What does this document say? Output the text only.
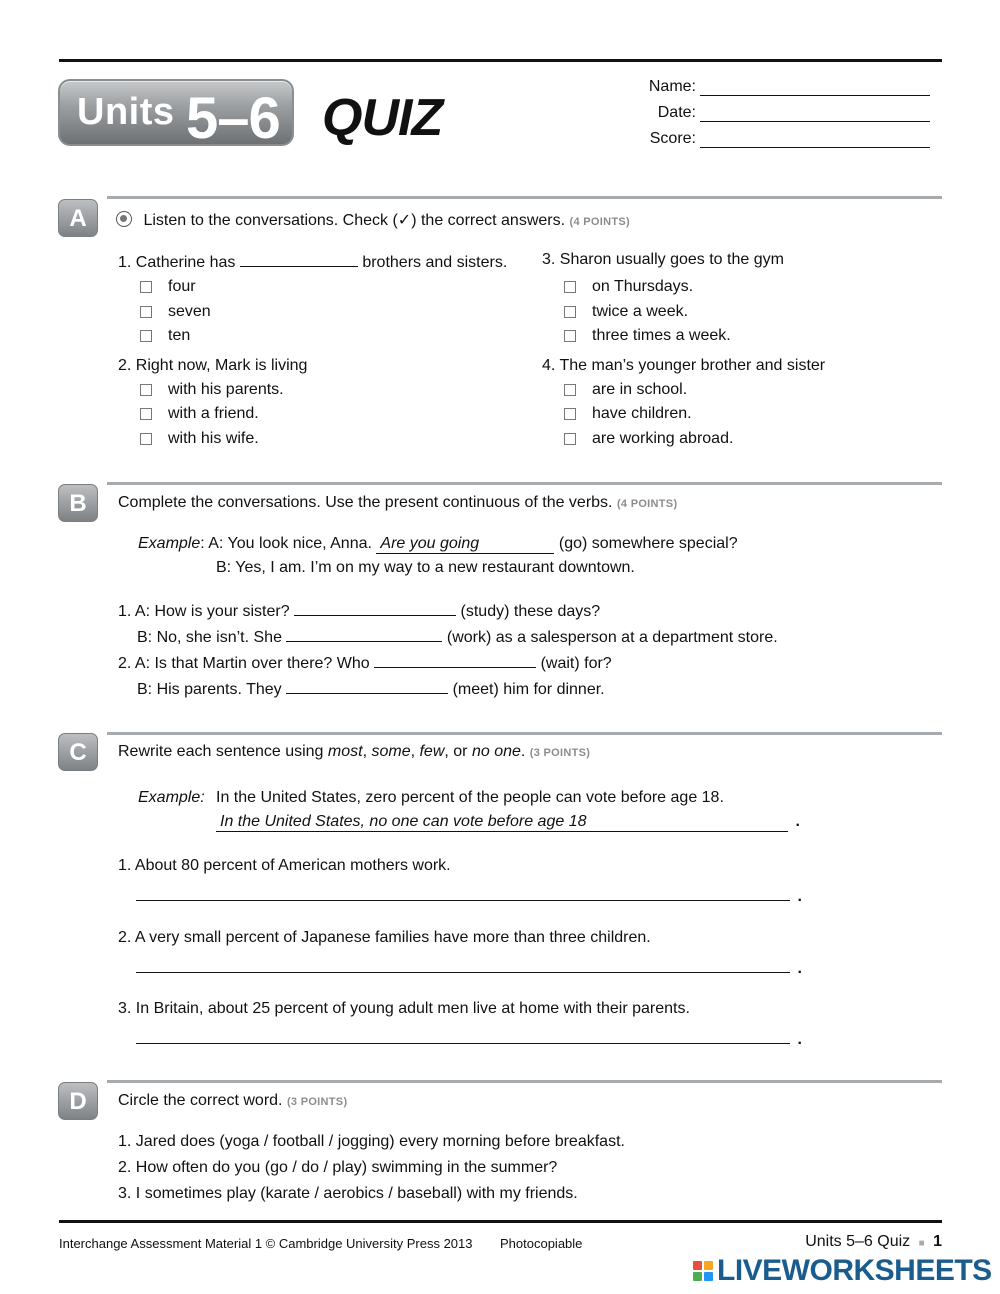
Units 5–6 QUIZ
Name:
Date:
Score:
A	Listen to the conversations. Check (✓) the correct answers. (4 POINTS)
1. Catherine has	brothers and sisters.
four
seven
ten
2. Right now, Mark is living
with his parents.
with a friend.
with his wife.
3. Sharon usually goes to the gym
on Thursdays.
twice a week.
three times a week.
4. The man’s younger brother and sister
are in school.
have children.
are working abroad.
B	Complete the conversations. Use the present continuous of the verbs. (4 POINTS)
Example: A: You look nice, Anna. Are you going	(go) somewhere special?
B: Yes, I am. I’m on my way to a new restaurant downtown.
1. A: How is your sister?	(study) these days?
B: No, she isn’t. She	(work) as a salesperson at a department store.
2. A: Is that Martin over there? Who	(wait) for?
B: His parents. They	(meet) him for dinner.
C	Rewrite each sentence using most, some, few, or no one. (3 POINTS)
Example: In the United States, zero percent of the people can vote before age 18.
In the United States, no one can vote before age 18	.
1. About 80 percent of American mothers work.
.
2. A very small percent of Japanese families have more than three children.
.
3. In Britain, about 25 percent of young adult men live at home with their parents.
.
D	Circle the correct word. (3 POINTS)
1. Jared does (yoga / football / jogging) every morning before breakfast.
2. How often do you (go / do / play) swimming in the summer?
3. I sometimes play (karate / aerobics / baseball) with my friends.
Interchange Assessment Material 1 © Cambridge University Press 2013 Photocopiable	Units 5–6 Quiz ■ 1
LIVEWORKSHEETS
